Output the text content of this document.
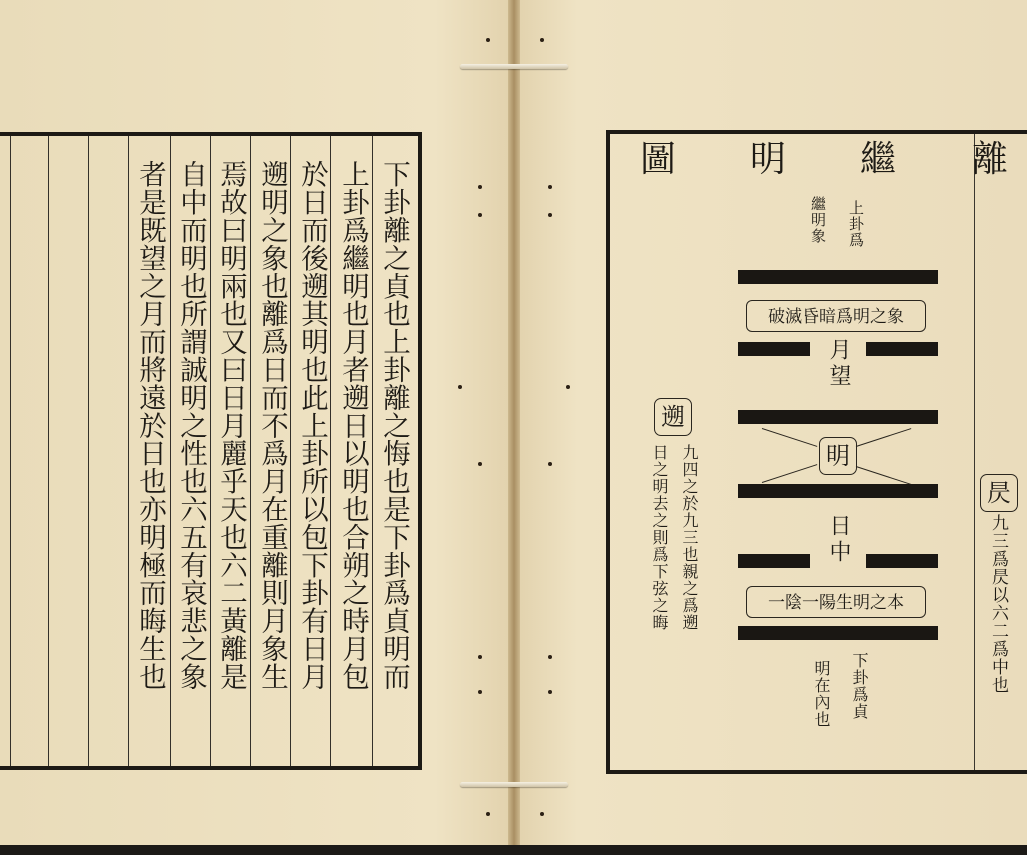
下卦離之貞也上卦離之悔也是下卦爲貞明而
上卦爲繼明也月者遡日以明也合朔之時月包
於日而後遡其明也此上卦所以包下卦有日月
遡明之象也離爲日而不爲月在重離則月象生
焉故曰明兩也又曰日月麗乎天也六二黃離是
自中而明也所謂誠明之性也六五有哀悲之象
者是既望之月而將遠於日也亦明極而晦生也
離
繼
明
圖
上卦爲
繼明象
破滅昏暗爲明之象
月望
明
日中
一陰一陽生明之本
下卦爲貞
明在內也
遡
九四之於九三也親之爲遡
日之明去之則爲下弦之晦	昃
九三爲昃以六二爲中也
